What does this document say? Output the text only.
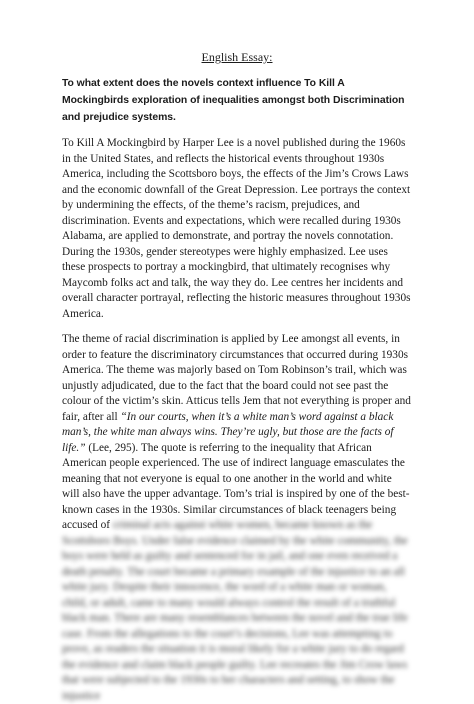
English Essay:
To what extent does the novels context influence To Kill A Mockingbirds exploration of inequalities amongst both Discrimination and prejudice systems.
To Kill A Mockingbird by Harper Lee is a novel published during the 1960s in the United States, and reflects the historical events throughout 1930s America, including the Scottsboro boys, the effects of the Jim’s Crows Laws and the economic downfall of the Great Depression. Lee portrays the context by undermining the effects, of the theme’s racism, prejudices, and discrimination. Events and expectations, which were recalled during 1930s Alabama, are applied to demonstrate, and portray the novels connotation. During the 1930s, gender stereotypes were highly emphasized. Lee uses these prospects to portray a mockingbird, that ultimately recognises why Maycomb folks act and talk, the way they do. Lee centres her incidents and overall character portrayal, reflecting the historic measures throughout 1930s America.
The theme of racial discrimination is applied by Lee amongst all events, in order to feature the discriminatory circumstances that occurred during 1930s America. The theme was majorly based on Tom Robinson’s trail, which was unjustly adjudicated, due to the fact that the board could not see past the colour of the victim’s skin. Atticus tells Jem that not everything is proper and fair, after all “In our courts, when it’s a white man’s word against a black man’s, the white man always wins. They’re ugly, but those are the facts of life.” (Lee, 295). The quote is referring to the inequality that African American people experienced. The use of indirect language emasculates the meaning that not everyone is equal to one another in the world and white will also have the upper advantage. Tom’s trial is inspired by one of the best-known cases in the 1930s. Similar circumstances of black teenagers being accused of criminal acts against white women, became known as the Scottsboro Boys. Under false evidence claimed by the white community, the boys were held as guilty and sentenced for in jail, and one even received a death penalty. The court became a primary example of the injustice to an all white jury. Despite their innocence, the word of a white man or woman, child, or adult, came to many would always control the result of a truthful black man. There are many resemblances between the novel and the true life case. From the allegations to the court’s decisions, Lee was attempting to prove, as readers the situation it is moral likely for a white jury to do regard the evidence and claim black people guilty. Lee recreates the Jim Crow laws that were subjected to the 1930s to her characters and setting, to show the injustice
